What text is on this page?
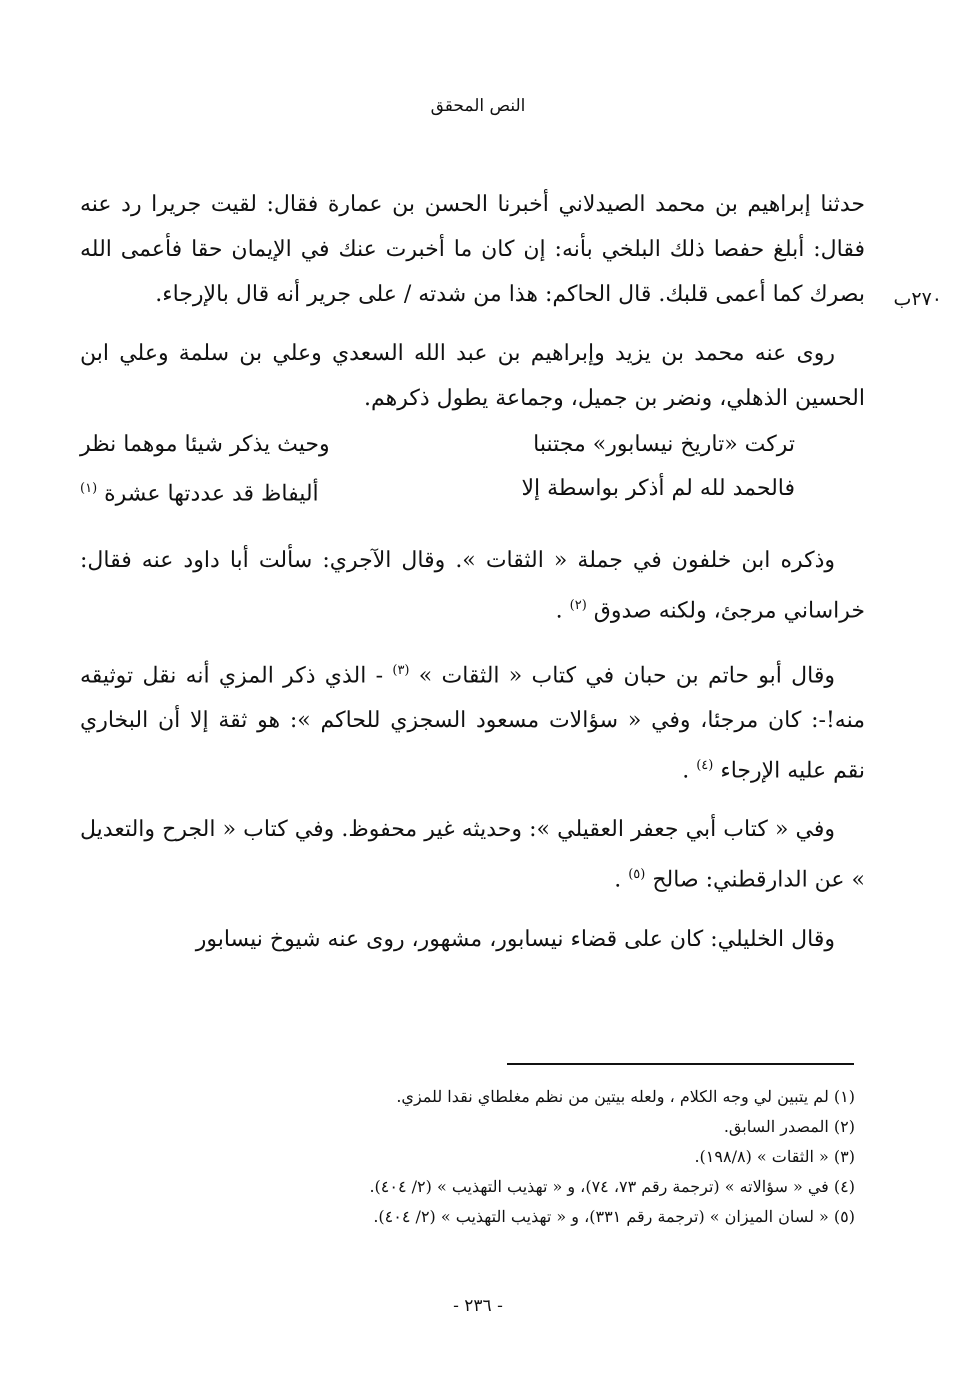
النص المحقق
٢٧٠ب

حدثنا إبراهيم بن محمد الصيدلاني أخبرنا الحسن بن عمارة فقال: لقيت جريرا رد عنه فقال: أبلغ حفصا ذلك البلخي بأنه: إن كان ما أخبرت عنك في الإيمان حقا فأعمى الله بصرك كما أعمى قلبك. قال الحاكم: هذا من شدته / على جرير أنه قال بالإرجاء.

روى عنه محمد بن يزيد وإبراهيم بن عبد الله السعدي وعلي بن سلمة وعلي ابن الحسين الذهلي، ونضر بن جميل، وجماعة يطول ذكرهم.

تركت «تاريخ نيسابور» مجتنبا
وحيث يذكر شيئا موهما نظر
فالحمد لله لم أذكر بواسطة إلا
أليفاظ قد عددتها عشرة $^{(١)}$

وذكره ابن خلفون في جملة « الثقات ». وقال الآجري: سألت أبا داود عنه فقال: خراساني مرجئ، ولكنه صدوق $^{(٢)}$ .

وقال أبو حاتم بن حبان في كتاب « الثقات » $^{(٣)}$ - الذي ذكر المزي أنه نقل توثيقه منه!-: كان مرجئا، وفي « سؤالات مسعود السجزي للحاكم »: هو ثقة إلا أن البخاري نقم عليه الإرجاء $^{(٤)}$ .

وفي « كتاب أبي جعفر العقيلي »: وحديثه غير محفوظ. وفي كتاب « الجرح والتعديل » عن الدارقطني: صالح $^{(٥)}$ .

وقال الخليلي: كان على قضاء نيسابور، مشهور، روى عنه شيوخ نيسابور

(١) لم يتبين لي وجه الكلام ، ولعله بيتين من نظم مغلطاي نقدا للمزي.
(٢) المصدر السابق.
(٣) « الثقات » (١٩٨/٨).
(٤) في « سؤالاته » (ترجمة رقم ٧٣، ٧٤)، و « تهذيب التهذيب » (٢/ ٤٠٤).
(٥) « لسان الميزان » (ترجمة رقم ٣٣١)، و « تهذيب التهذيب » (٢/ ٤٠٤).
- ٢٣٦ -
